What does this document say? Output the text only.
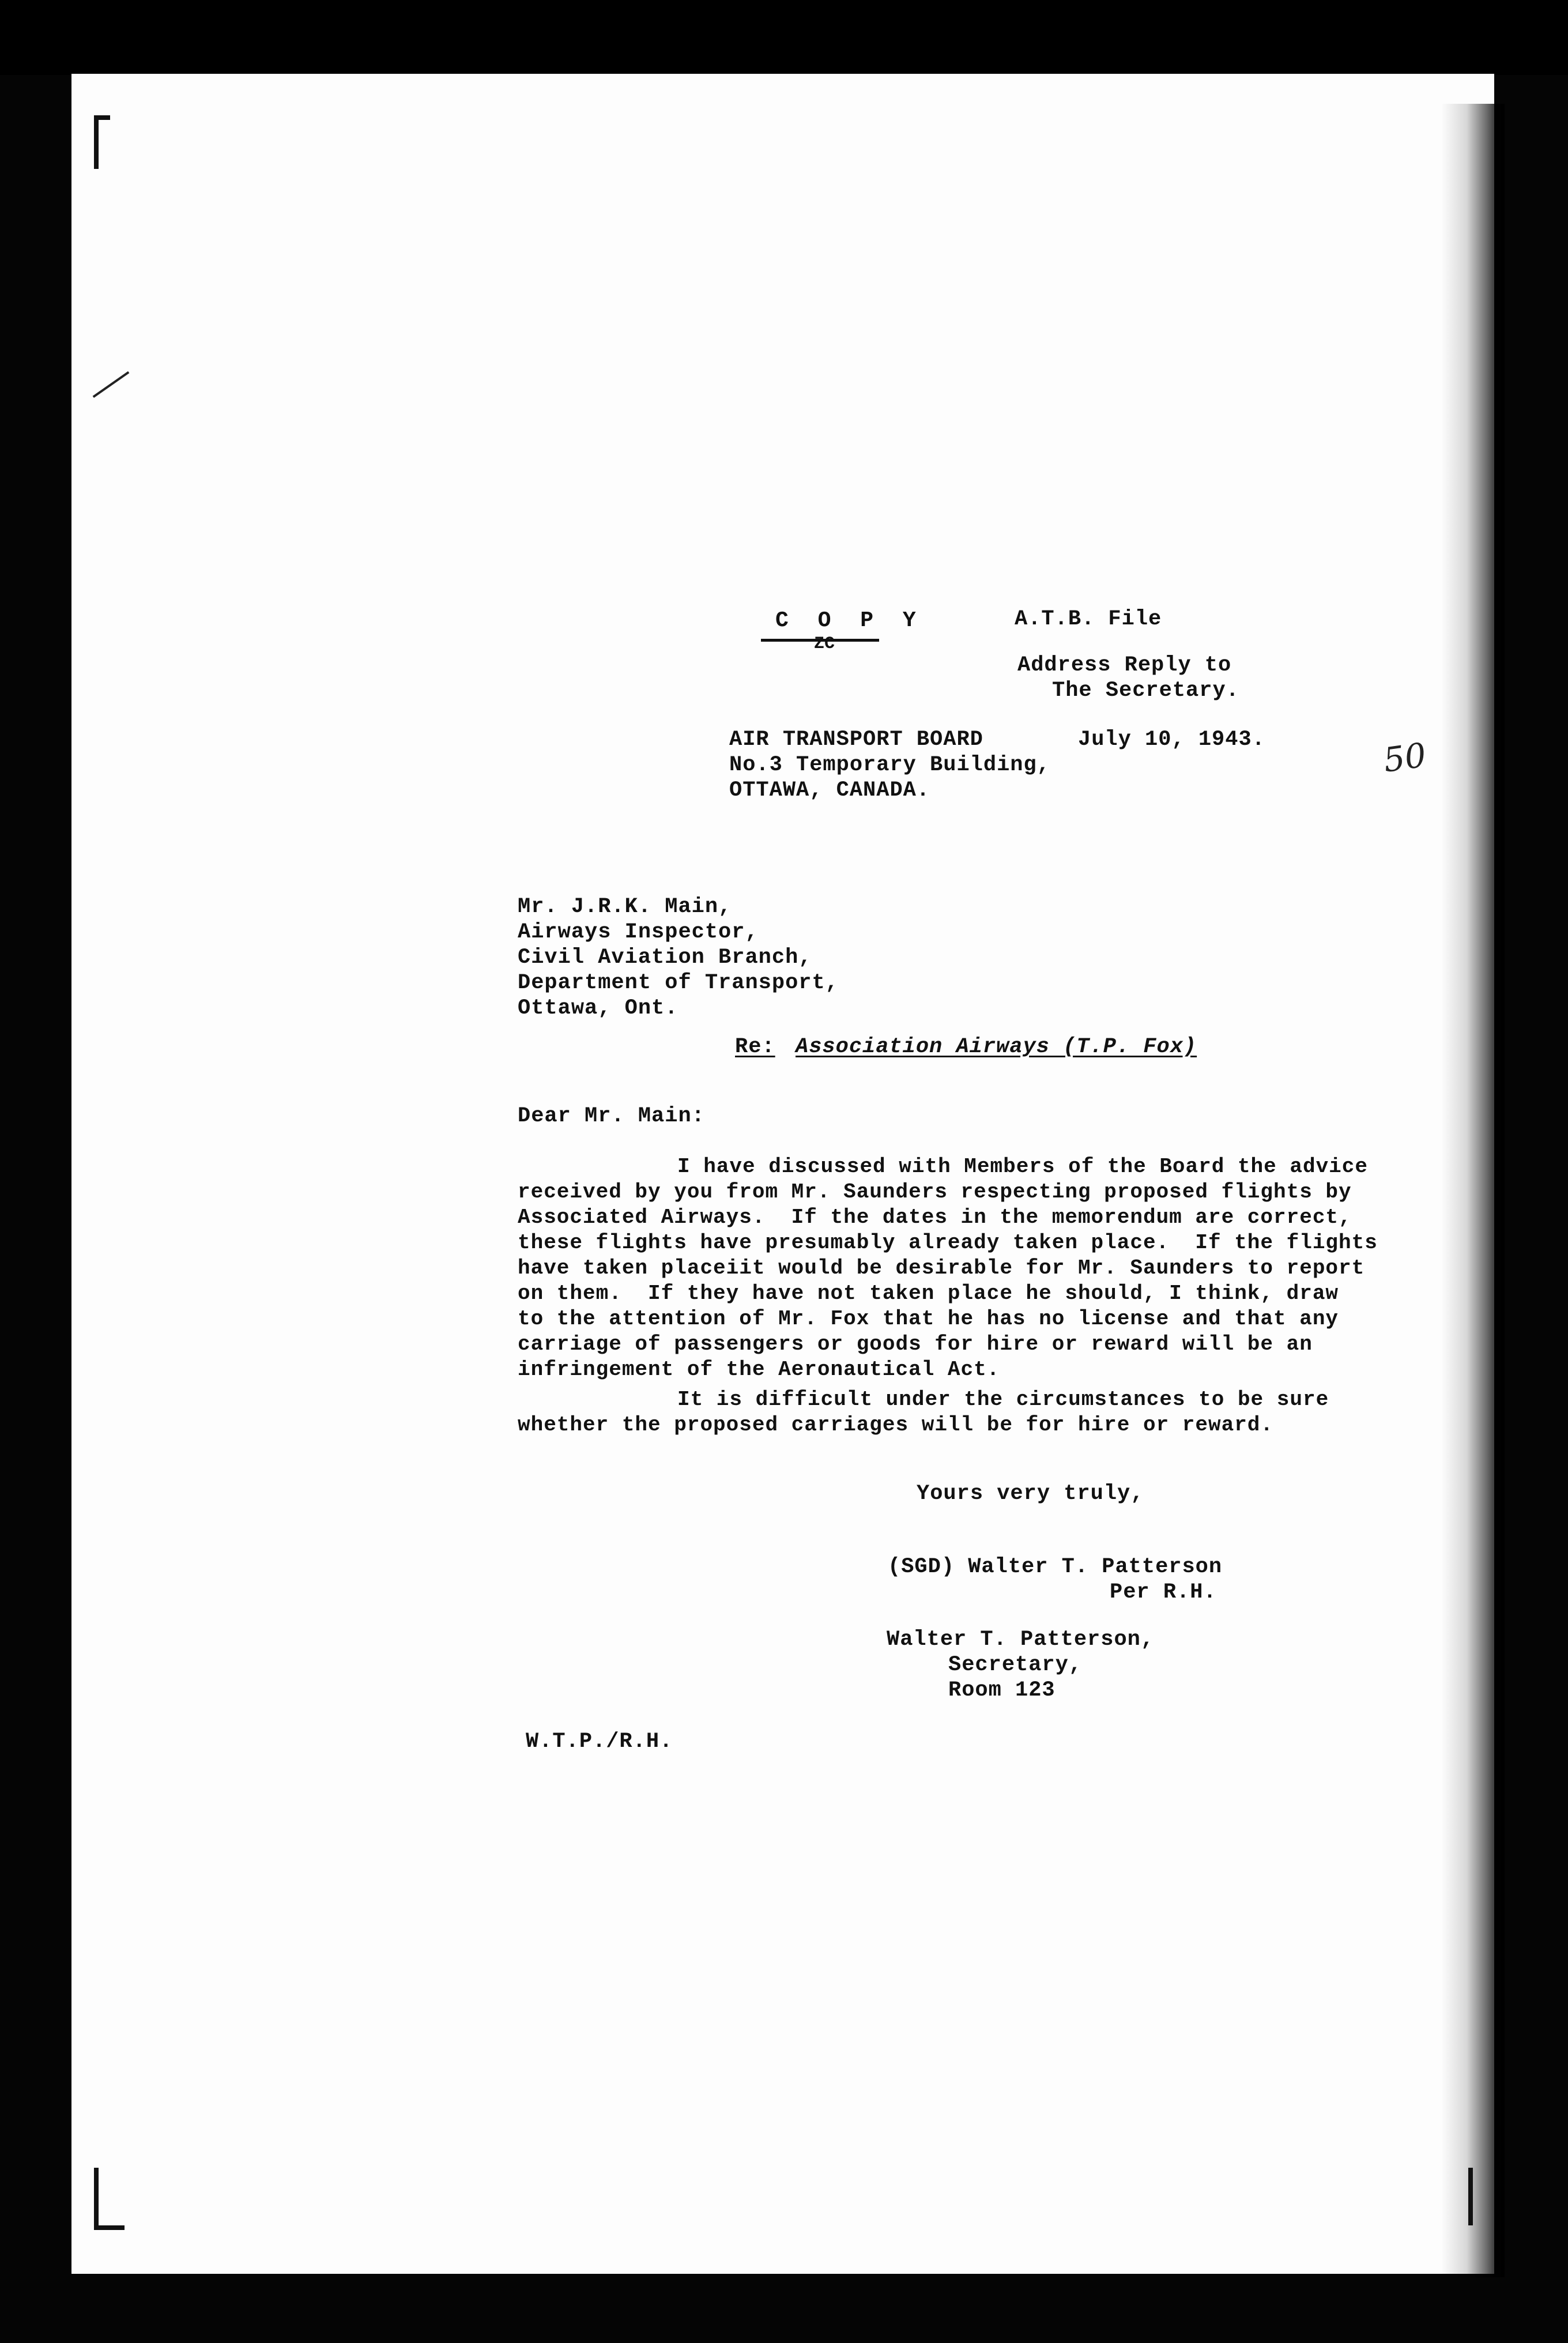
C O P Y
ZC
A.T.B. File
Address Reply to
The Secretary.
AIR TRANSPORT BOARD
No.3 Temporary Building,
OTTAWA, CANADA.
July 10, 1943.	50
Mr. J.R.K. Main,
Airways Inspector,
Civil Aviation Branch,
Department of Transport,
Ottawa, Ont.
Re: Association Airways (T.P. Fox)
Dear Mr. Main:
I have discussed with Members of the Board the advice
received by you from Mr. Saunders respecting proposed flights by
Associated Airways.  If the dates in the memorendum are correct,
these flights have presumably already taken place.  If the flights
have taken placeiit would be desirable for Mr. Saunders to report
on them.  If they have not taken place he should, I think, draw
to the attention of Mr. Fox that he has no license and that any
carriage of passengers or goods for hire or reward will be an
infringement of the Aeronautical Act.
It is difficult under the circumstances to be sure
whether the proposed carriages will be for hire or reward.
Yours very truly,
(SGD) Walter T. Patterson
Per R.H.
Walter T. Patterson,
Secretary,
Room 123
W.T.P./R.H.
